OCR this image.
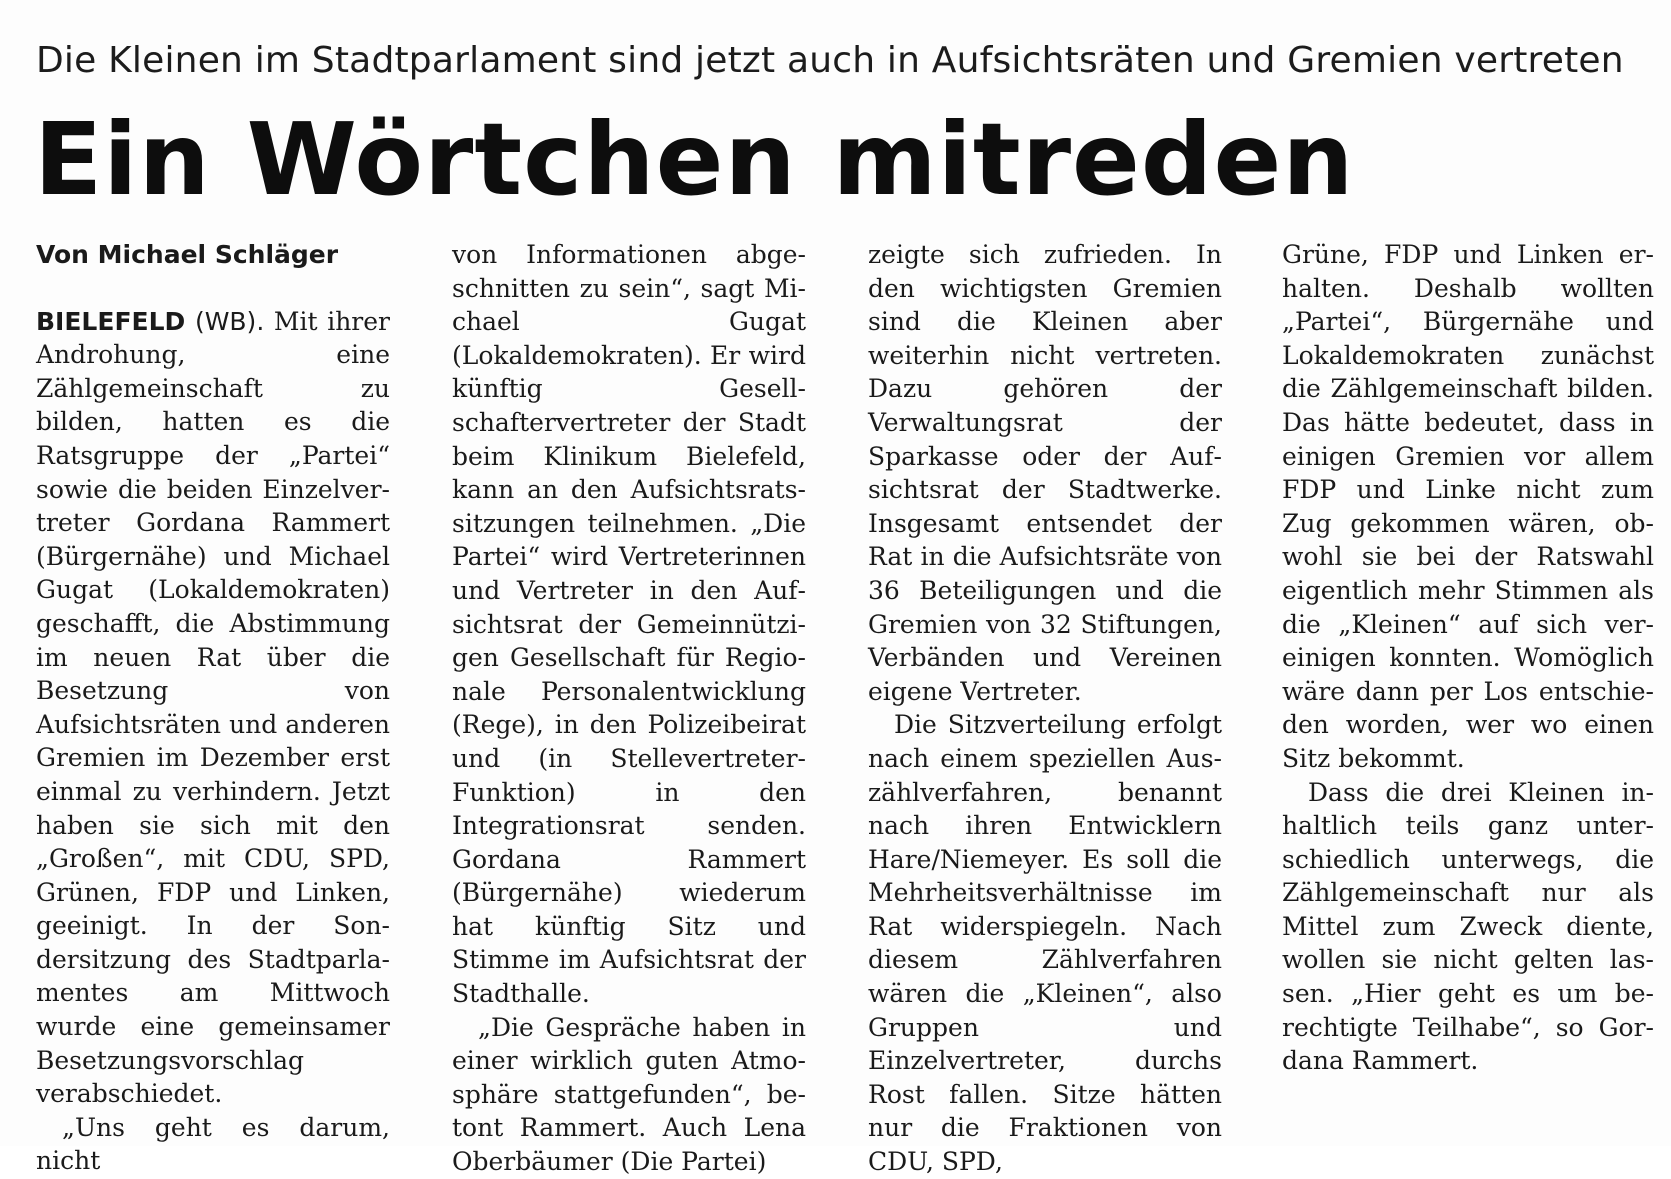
Die Kleinen im Stadtparlament sind jetzt auch in Aufsichtsräten und Gremien vertreten
Ein Wörtchen mitreden

Von Michael Schläger

BIELEFELD (WB). Mit ihrer Androhung, eine Zählgemeinschaft zu bilden, hatten es die Ratsgruppe der „Partei“ sowie die beiden Einzelvertreter Gordana Rammert (Bürgernähe) und Michael Gugat (Lokaldemokraten) geschafft, die Abstimmung im neuen Rat über die Besetzung von Aufsichtsräten und anderen Gremien im Dezember erst einmal zu verhindern. Jetzt haben sie sich mit den „Großen“, mit CDU, SPD, Grünen, FDP und Linken, geeinigt. In der Sondersitzung des Stadtparlamentes am Mittwoch wurde eine gemeinsamer Besetzungsvorschlag verabschiedet.

„Uns geht es darum, nicht

von Informationen abgeschnitten zu sein“, sagt Michael Gugat (Lokaldemokraten). Er wird künftig Gesellschaftervertreter der Stadt beim Klinikum Bielefeld, kann an den Aufsichtsratssitzungen teilnehmen. „Die Partei“ wird Vertreterinnen und Vertreter in den Aufsichtsrat der Gemeinnützigen Gesellschaft für Regionale Personalentwicklung (Rege), in den Polizeibeirat und (in Stellevertreter-Funktion) in den Integrationsrat senden. Gordana Rammert (Bürgernähe) wiederum hat künftig Sitz und Stimme im Aufsichtsrat der Stadthalle.

„Die Gespräche haben in einer wirklich guten Atmosphäre stattgefunden“, betont Rammert. Auch Lena Oberbäumer (Die Partei)

zeigte sich zufrieden. In den wichtigsten Gremien sind die Kleinen aber weiterhin nicht vertreten. Dazu gehören der Verwaltungsrat der Sparkasse oder der Aufsichtsrat der Stadtwerke. Insgesamt entsendet der Rat in die Aufsichtsräte von 36 Beteiligungen und die Gremien von 32 Stiftungen, Verbänden und Vereinen eigene Vertreter.

Die Sitzverteilung erfolgt nach einem speziellen Auszählverfahren, benannt nach ihren Entwicklern Hare/Niemeyer. Es soll die Mehrheitsverhältnisse im Rat widerspiegeln. Nach diesem Zählverfahren wären die „Kleinen“, also Gruppen und Einzelvertreter, durchs Rost fallen. Sitze hätten nur die Fraktionen von CDU, SPD,

Grüne, FDP und Linken erhalten. Deshalb wollten „Partei“, Bürgernähe und Lokaldemokraten zunächst die Zählgemeinschaft bilden. Das hätte bedeutet, dass in einigen Gremien vor allem FDP und Linke nicht zum Zug gekommen wären, obwohl sie bei der Ratswahl eigentlich mehr Stimmen als die „Kleinen“ auf sich vereinigen konnten. Womöglich wäre dann per Los entschieden worden, wer wo einen Sitz bekommt.

Dass die drei Kleinen inhaltlich teils ganz unterschiedlich unterwegs, die Zählgemeinschaft nur als Mittel zum Zweck diente, wollen sie nicht gelten lassen. „Hier geht es um berechtigte Teilhabe“, so Gordana Rammert.
